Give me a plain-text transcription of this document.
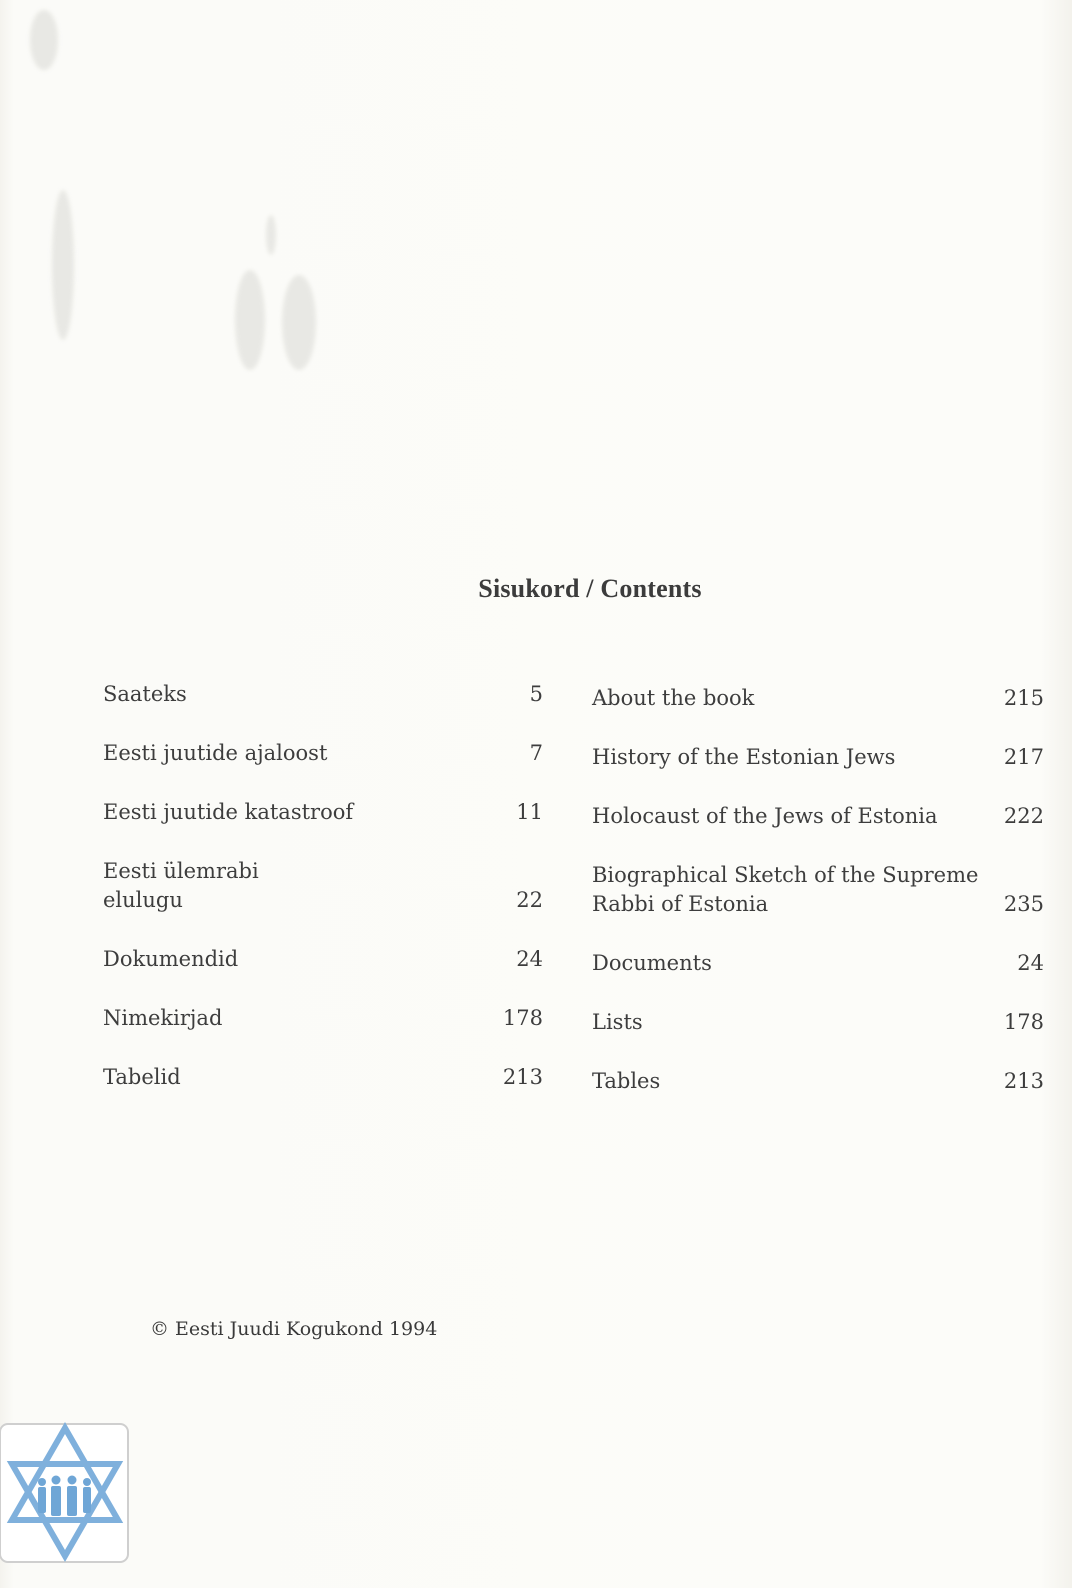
Sisukord / Contents
Saateks	5
Eesti juutide ajaloost	7
Eesti juutide katastroof	11
Eesti ülemrabi
elulugu	22
Dokumendid	24
Nimekirjad	178
Tabelid	213
About the book	215
History of the Estonian Jews	217
Holocaust of the Jews of Estonia	222
Biographical Sketch of the Supreme
Rabbi of Estonia	235
Documents	24
Lists	178
Tables	213
© Eesti Juudi Kogukond 1994
